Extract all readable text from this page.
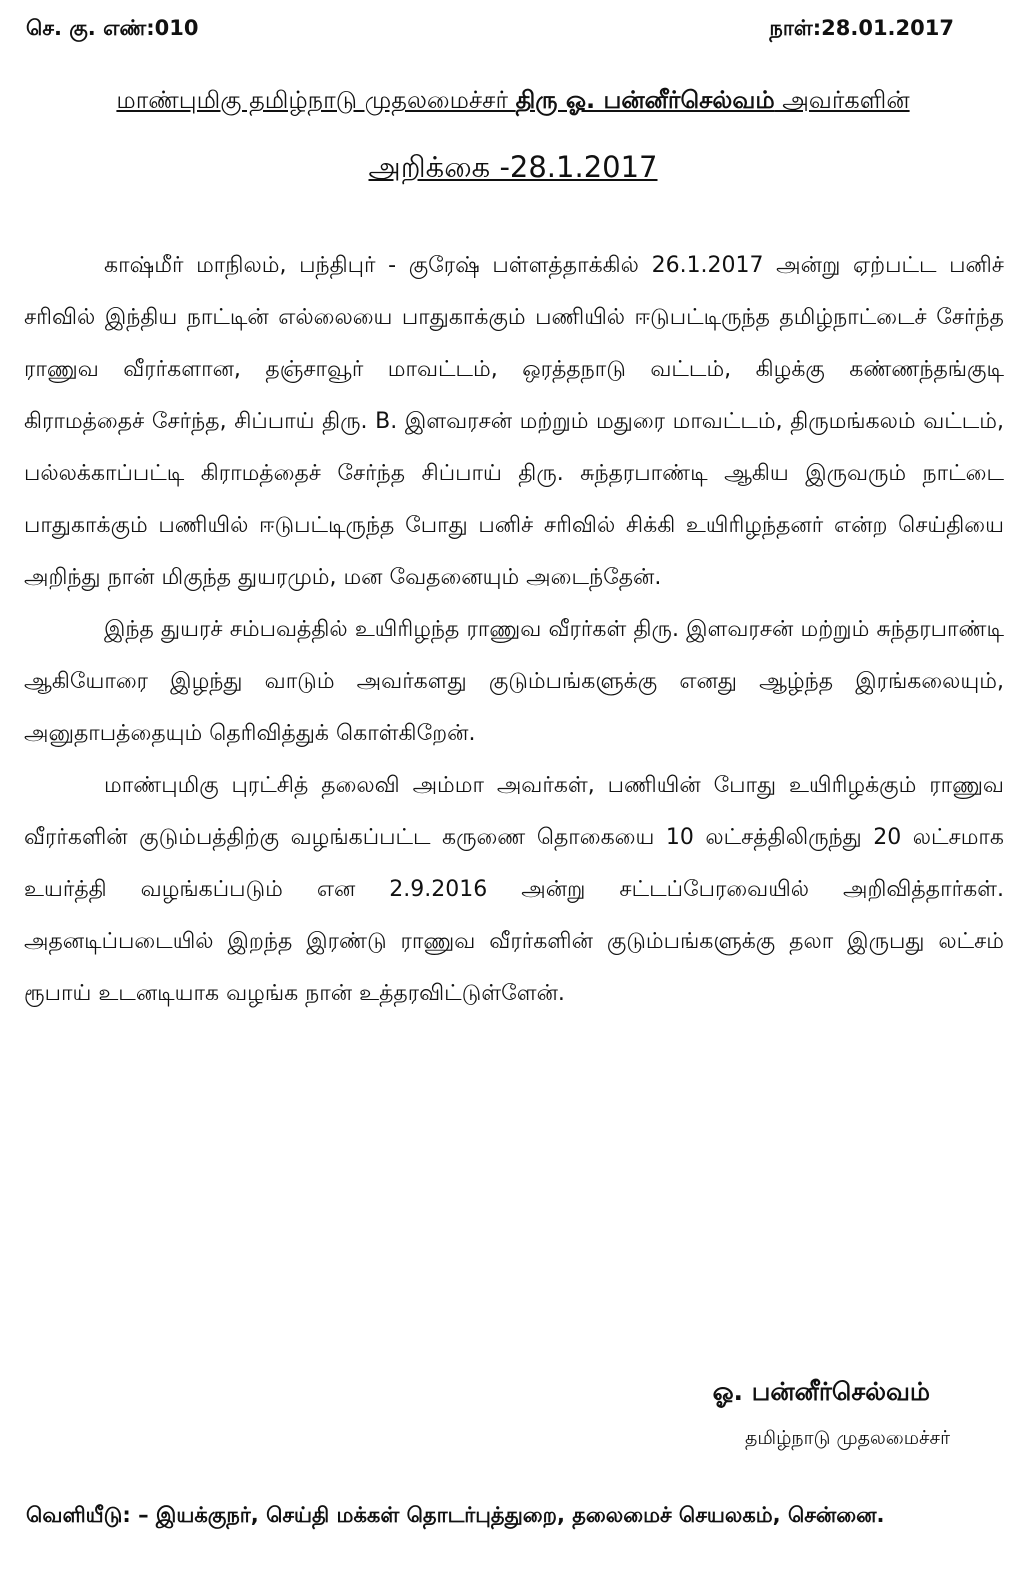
செ. கு. எண்:010	நாள்:28.01.2017
மாண்புமிகு தமிழ்நாடு முதலமைச்சர் திரு ஓ. பன்னீர்செல்வம் அவர்களின்
அறிக்கை -28.1.2017

காஷ்மீர் மாநிலம், பந்திபுர் - குரேஷ் பள்ளத்தாக்கில் 26.1.2017 அன்று ஏற்பட்ட பனிச் சரிவில் இந்திய நாட்டின் எல்லையை பாதுகாக்கும் பணியில் ஈடுபட்டிருந்த தமிழ்நாட்டைச் சேர்ந்த ராணுவ வீரர்களான, தஞ்சாவூர் மாவட்டம், ஒரத்தநாடு வட்டம், கிழக்கு கண்ணந்தங்குடி கிராமத்தைச் சேர்ந்த, சிப்பாய் திரு. B. இளவரசன் மற்றும் மதுரை மாவட்டம், திருமங்கலம் வட்டம், பல்லக்காப்பட்டி கிராமத்தைச் சேர்ந்த சிப்பாய் திரு. சுந்தரபாண்டி ஆகிய இருவரும் நாட்டை பாதுகாக்கும் பணியில் ஈடுபட்டிருந்த போது பனிச் சரிவில் சிக்கி உயிரிழந்தனர் என்ற செய்தியை அறிந்து நான் மிகுந்த துயரமும், மன வேதனையும் அடைந்தேன்.

இந்த துயரச் சம்பவத்தில் உயிரிழந்த ராணுவ வீரர்கள் திரு. இளவரசன் மற்றும் சுந்தரபாண்டி ஆகியோரை இழந்து வாடும் அவர்களது குடும்பங்களுக்கு எனது ஆழ்ந்த இரங்கலையும், அனுதாபத்தையும் தெரிவித்துக் கொள்கிறேன்.

மாண்புமிகு புரட்சித் தலைவி அம்மா அவர்கள், பணியின் போது உயிரிழக்கும் ராணுவ வீரர்களின் குடும்பத்திற்கு வழங்கப்பட்ட கருணை தொகையை 10 லட்சத்திலிருந்து 20 லட்சமாக உயர்த்தி வழங்கப்படும் என 2.9.2016 அன்று சட்டப்பேரவையில் அறிவித்தார்கள். அதனடிப்படையில் இறந்த இரண்டு ராணுவ வீரர்களின் குடும்பங்களுக்கு தலா இருபது லட்சம் ரூபாய் உடனடியாக வழங்க நான் உத்தரவிட்டுள்ளேன்.

ஓ. பன்னீர்செல்வம்
தமிழ்நாடு முதலமைச்சர்
வெளியீடு: – இயக்குநர், செய்தி மக்கள் தொடர்புத்துறை, தலைமைச் செயலகம், சென்னை.
